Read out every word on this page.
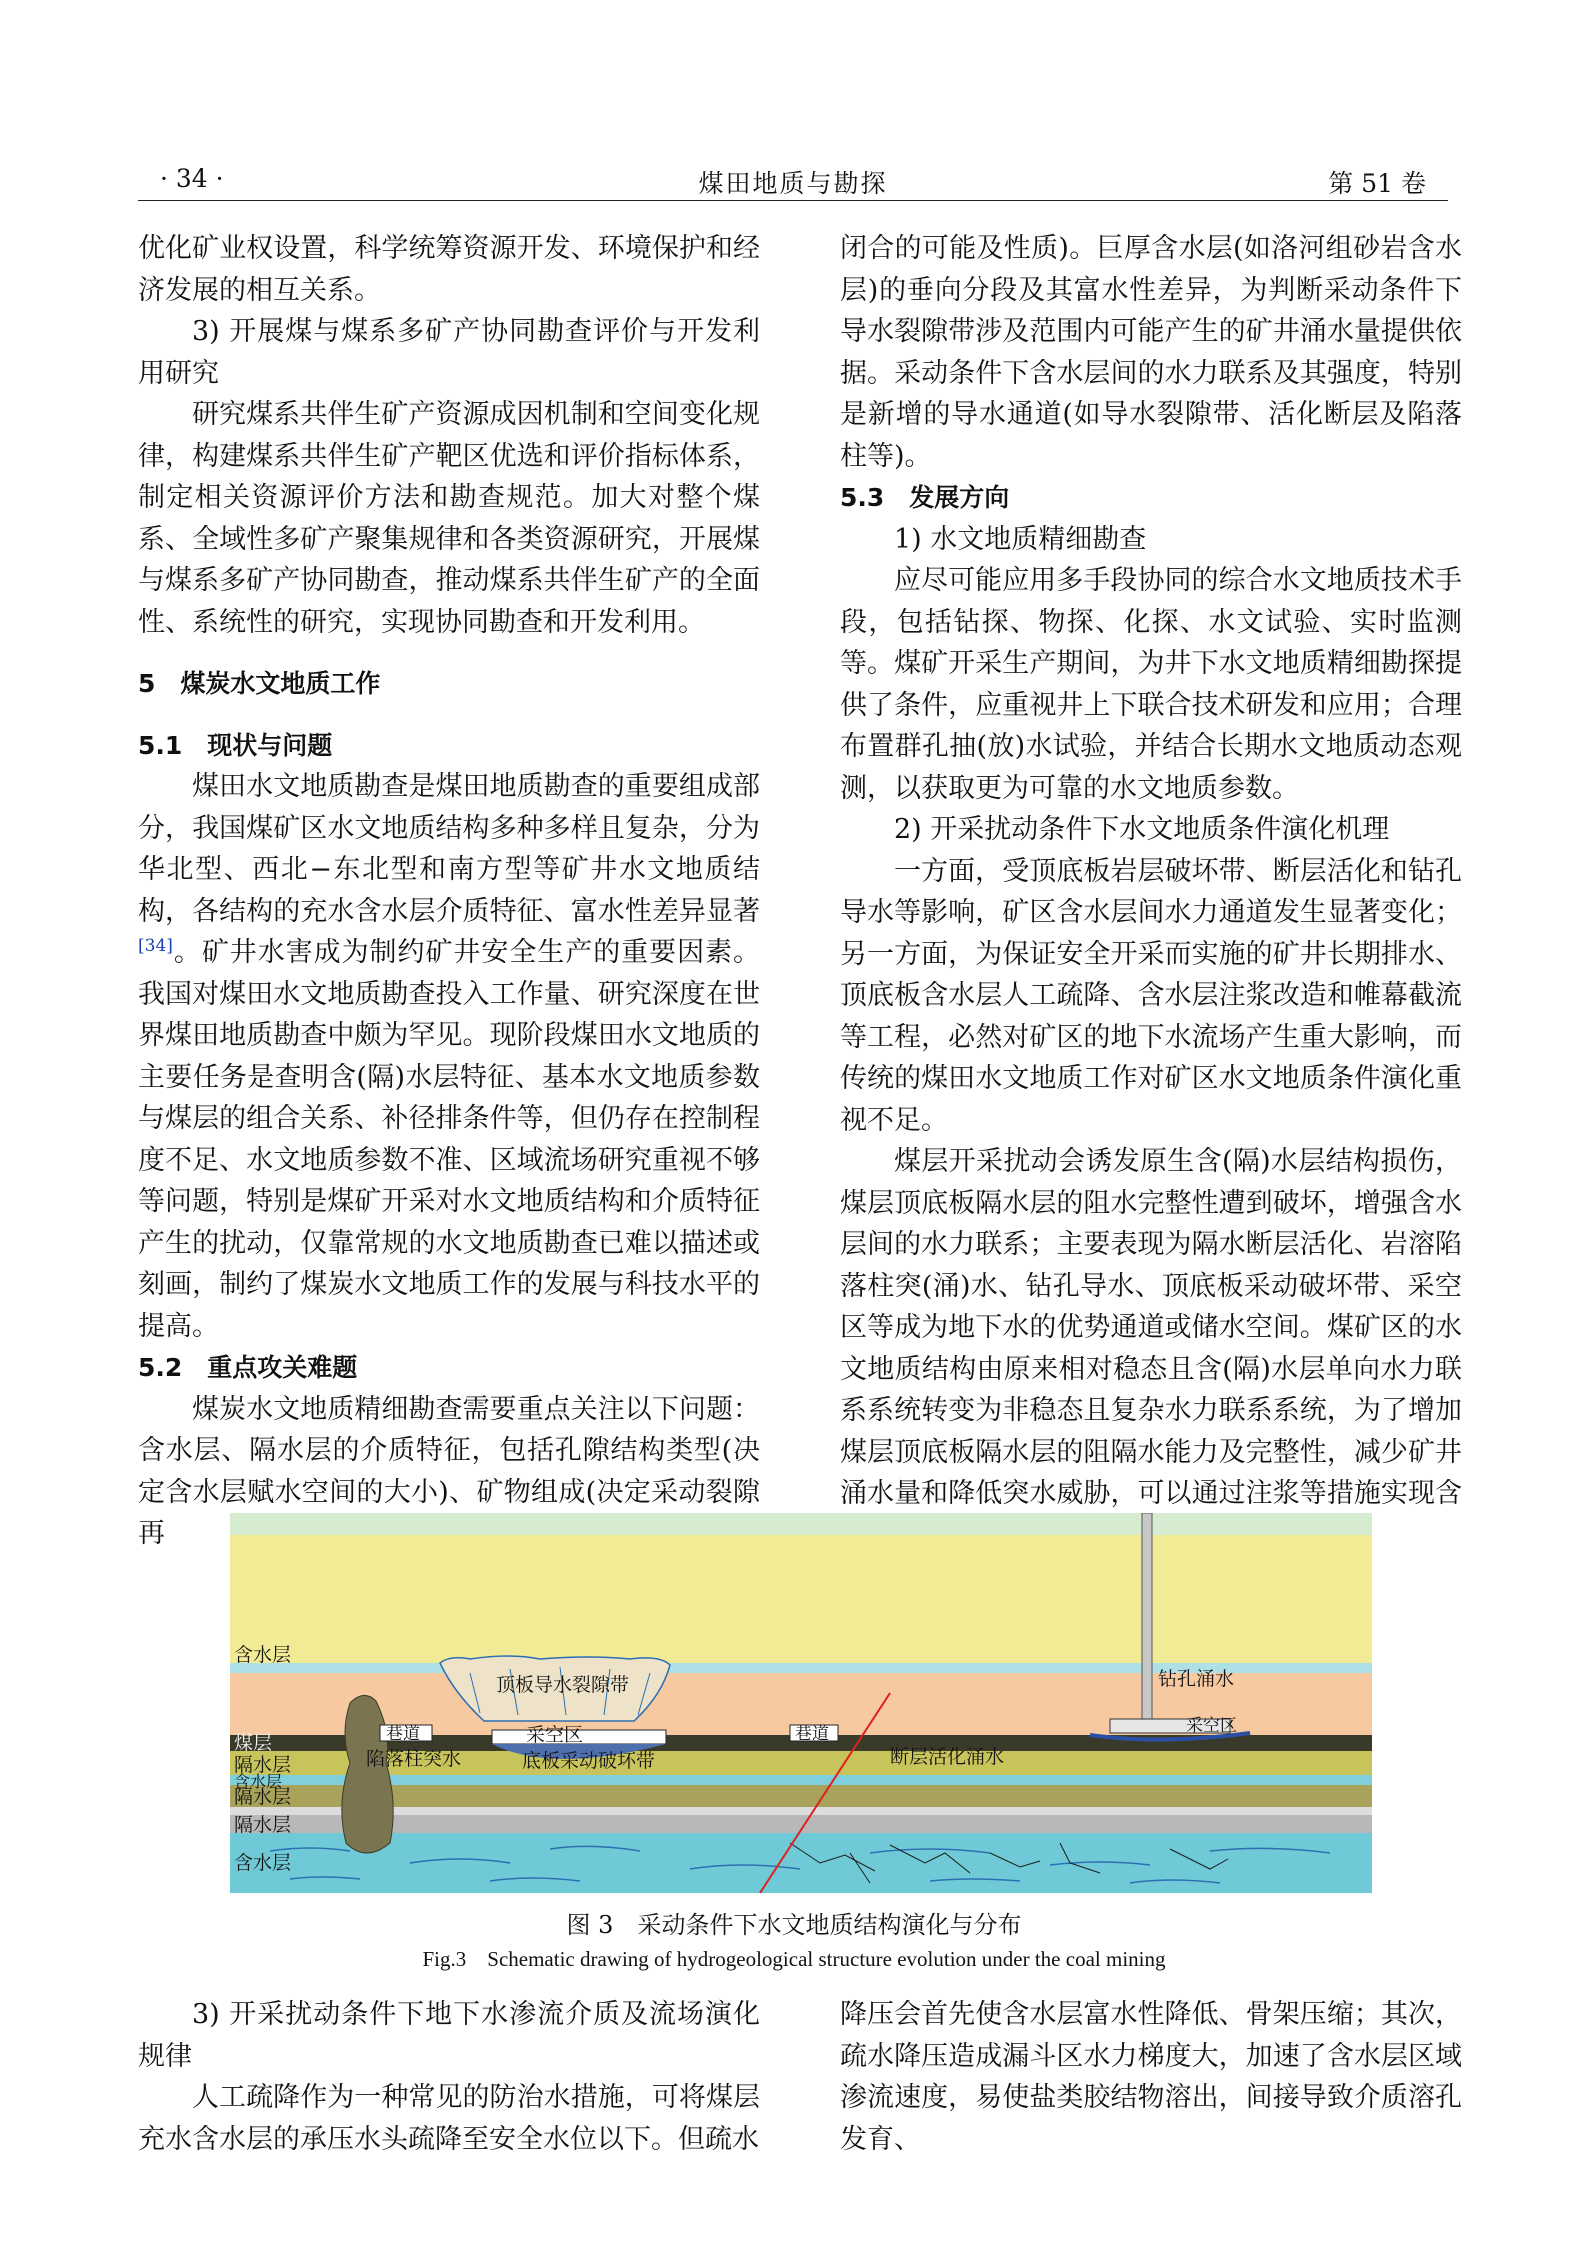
· 34 ·	煤田地质与勘探	第 51 卷

优化矿业权设置，科学统筹资源开发、环境保护和经济发展的相互关系。

3) 开展煤与煤系多矿产协同勘查评价与开发利用研究

研究煤系共伴生矿产资源成因机制和空间变化规律，构建煤系共伴生矿产靶区优选和评价指标体系，制定相关资源评价方法和勘查规范。加大对整个煤系、全域性多矿产聚集规律和各类资源研究，开展煤与煤系多矿产协同勘查，推动煤系共伴生矿产的全面性、系统性的研究，实现协同勘查和开发利用。

5　煤炭水文地质工作

5.1　现状与问题

煤田水文地质勘查是煤田地质勘查的重要组成部分，我国煤矿区水文地质结构多种多样且复杂，分为华北型、西北−东北型和南方型等矿井水文地质结构，各结构的充水含水层介质特征、富水性差异显著[34]。矿井水害成为制约矿井安全生产的重要因素。我国对煤田水文地质勘查投入工作量、研究深度在世界煤田地质勘查中颇为罕见。现阶段煤田水文地质的主要任务是查明含(隔)水层特征、基本水文地质参数与煤层的组合关系、补径排条件等，但仍存在控制程度不足、水文地质参数不准、区域流场研究重视不够等问题，特别是煤矿开采对水文地质结构和介质特征产生的扰动，仅靠常规的水文地质勘查已难以描述或刻画，制约了煤炭水文地质工作的发展与科技水平的提高。

5.2　重点攻关难题

煤炭水文地质精细勘查需要重点关注以下问题：含水层、隔水层的介质特征，包括孔隙结构类型(决定含水层赋水空间的大小)、矿物组成(决定采动裂隙再

闭合的可能及性质)。巨厚含水层(如洛河组砂岩含水层)的垂向分段及其富水性差异，为判断采动条件下导水裂隙带涉及范围内可能产生的矿井涌水量提供依据。采动条件下含水层间的水力联系及其强度，特别是新增的导水通道(如导水裂隙带、活化断层及陷落柱等)。

5.3　发展方向

1) 水文地质精细勘查

应尽可能应用多手段协同的综合水文地质技术手段，包括钻探、物探、化探、水文试验、实时监测等。煤矿开采生产期间，为井下水文地质精细勘探提供了条件，应重视井上下联合技术研发和应用；合理布置群孔抽(放)水试验，并结合长期水文地质动态观测，以获取更为可靠的水文地质参数。

2) 开采扰动条件下水文地质条件演化机理

一方面，受顶底板岩层破坏带、断层活化和钻孔导水等影响，矿区含水层间水力通道发生显著变化；另一方面，为保证安全开采而实施的矿井长期排水、顶底板含水层人工疏降、含水层注浆改造和帷幕截流等工程，必然对矿区的地下水流场产生重大影响，而传统的煤田水文地质工作对矿区水文地质条件演化重视不足。

煤层开采扰动会诱发原生含(隔)水层结构损伤，煤层顶底板隔水层的阻水完整性遭到破坏，增强含水层间的水力联系；主要表现为隔水断层活化、岩溶陷落柱突(涌)水、钻孔导水、顶底板采动破坏带、采空区等成为地下水的优势通道或储水空间。煤矿区的水文地质结构由原来相对稳态且含(隔)水层单向水力联系系统转变为非稳态且复杂水力联系系统，为了增加煤层顶底板隔水层的阻隔水能力及完整性，减少矿井涌水量和降低突水威胁，可以通过注浆等措施实现含

含水层
顶板导水裂隙带
采空区
巷道	巷道
煤层
隔水层	陷落柱突水	底板采动破坏带
隔水层
含水层
隔水层
含水层
断层活化涌水
钻孔涌水
采空区
图 3　采动条件下水文地质结构演化与分布
Fig.3　Schematic drawing of hydrogeological structure evolution under the coal mining

3) 开采扰动条件下地下水渗流介质及流场演化规律

人工疏降作为一种常见的防治水措施，可将煤层充水含水层的承压水头疏降至安全水位以下。但疏水

降压会首先使含水层富水性降低、骨架压缩；其次，疏水降压造成漏斗区水力梯度大，加速了含水层区域渗流速度，易使盐类胶结物溶出，间接导致介质溶孔发育、
